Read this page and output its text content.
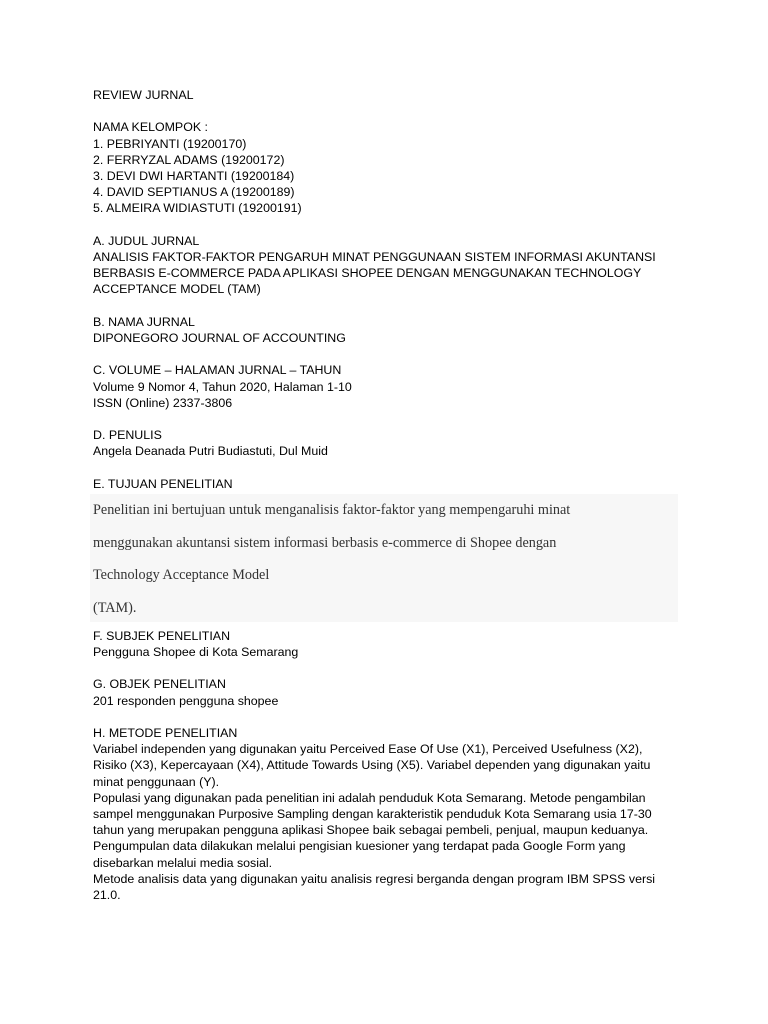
REVIEW JURNAL
NAMA KELOMPOK :
1. PEBRIYANTI (19200170)
2. FERRYZAL ADAMS (19200172)
3. DEVI DWI HARTANTI (19200184)
4. DAVID SEPTIANUS A (19200189)
5. ALMEIRA WIDIASTUTI (19200191)
A. JUDUL JURNAL
ANALISIS FAKTOR-FAKTOR PENGARUH MINAT PENGGUNAAN SISTEM INFORMASI AKUNTANSI
BERBASIS E-COMMERCE PADA APLIKASI SHOPEE DENGAN MENGGUNAKAN TECHNOLOGY
ACCEPTANCE MODEL (TAM)
B. NAMA JURNAL
DIPONEGORO JOURNAL OF ACCOUNTING
C. VOLUME – HALAMAN JURNAL – TAHUN
Volume 9 Nomor 4, Tahun 2020, Halaman 1-10
ISSN (Online) 2337-3806
D. PENULIS
Angela Deanada Putri Budiastuti, Dul Muid
E. TUJUAN PENELITIAN
Penelitian ini bertujuan untuk menganalisis faktor-faktor yang mempengaruhi minat
menggunakan akuntansi sistem informasi berbasis e-commerce di Shopee dengan
Technology Acceptance Model
(TAM).
F. SUBJEK PENELITIAN
Pengguna Shopee di Kota Semarang
G. OBJEK PENELITIAN
201 responden pengguna shopee
H. METODE PENELITIAN
Variabel independen yang digunakan yaitu Perceived Ease Of Use (X1), Perceived Usefulness (X2),
Risiko (X3), Kepercayaan (X4), Attitude Towards Using (X5). Variabel dependen yang digunakan yaitu
minat penggunaan (Y).
Populasi yang digunakan pada penelitian ini adalah penduduk Kota Semarang. Metode pengambilan
sampel menggunakan Purposive Sampling dengan karakteristik penduduk Kota Semarang usia 17-30
tahun yang merupakan pengguna aplikasi Shopee baik sebagai pembeli, penjual, maupun keduanya.
Pengumpulan data dilakukan melalui pengisian kuesioner yang terdapat pada Google Form yang
disebarkan melalui media sosial.
Metode analisis data yang digunakan yaitu analisis regresi berganda dengan program IBM SPSS versi
21.0.
